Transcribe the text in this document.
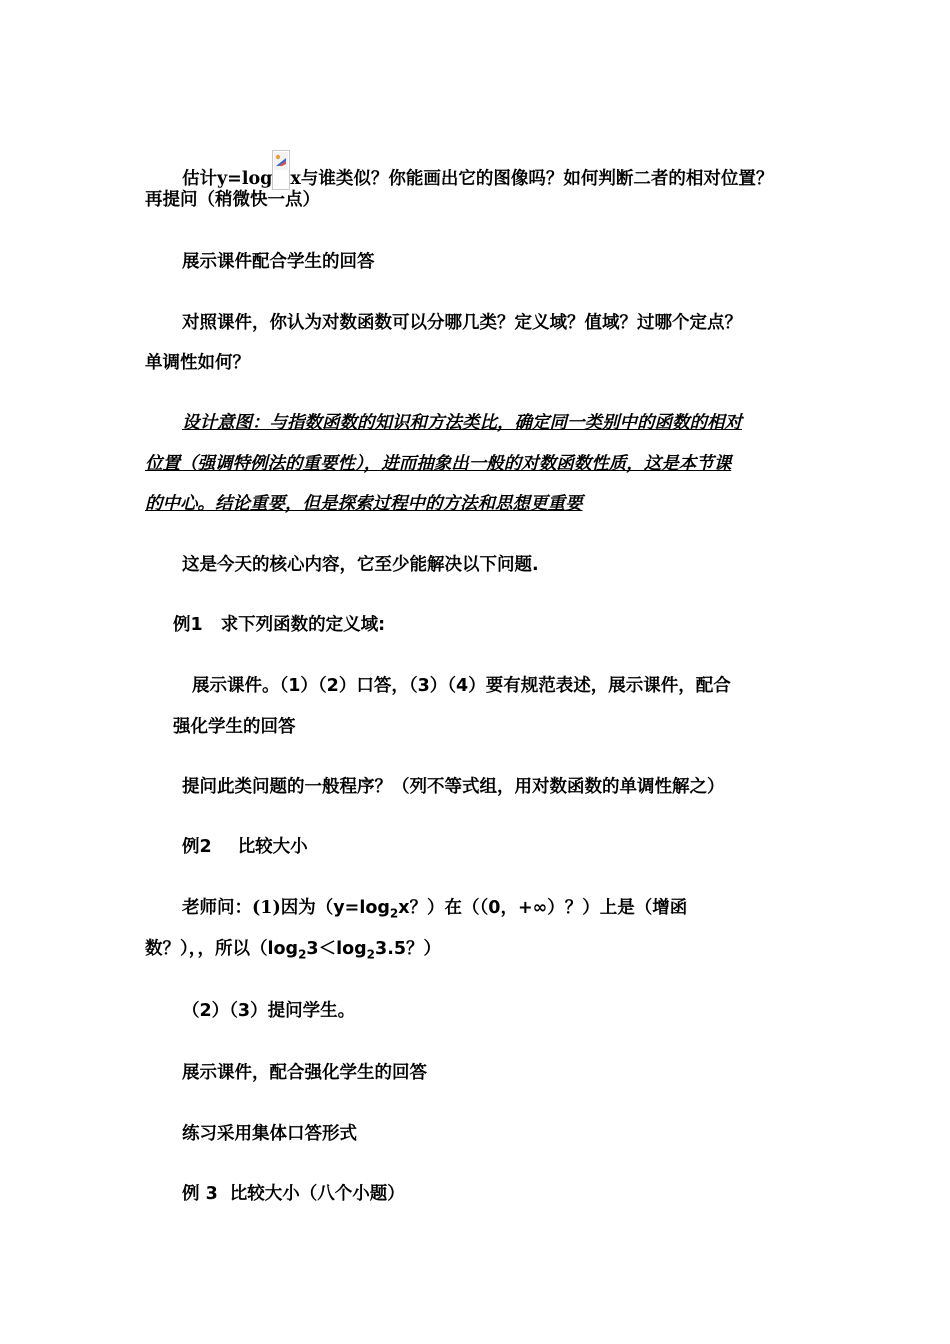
估计y=log x与谁类似？你能画出它的图像吗？如何判断二者的相对位置？
再提问（稍微快一点）
展示课件配合学生的回答
对照课件，你认为对数函数可以分哪几类？定义域？值域？过哪个定点？
单调性如何？
设计意图：与指数函数的知识和方法类比，确定同一类别中的函数的相对
位置（强调特例法的重要性），进而抽象出一般的对数函数性质，这是本节课
的中心。结论重要，但是探索过程中的方法和思想更重要
这是今天的核心内容，它至少能解决以下问题.
例1 求下列函数的定义域:
展示课件。（1）（2）口答，（3）（4）要有规范表述，展示课件，配合
强化学生的回答
提问此类问题的一般程序？（列不等式组，用对数函数的单调性解之）
例2 比较大小
老师问：(1)因为（$y=\log_2x$？）在（（0，+∞）？）上是（增函
数？），，所以（$\log_23<\log_23.5$？）
（2）（3）提问学生。
展示课件，配合强化学生的回答
练习采用集体口答形式
例 3 比较大小（八个小题）
